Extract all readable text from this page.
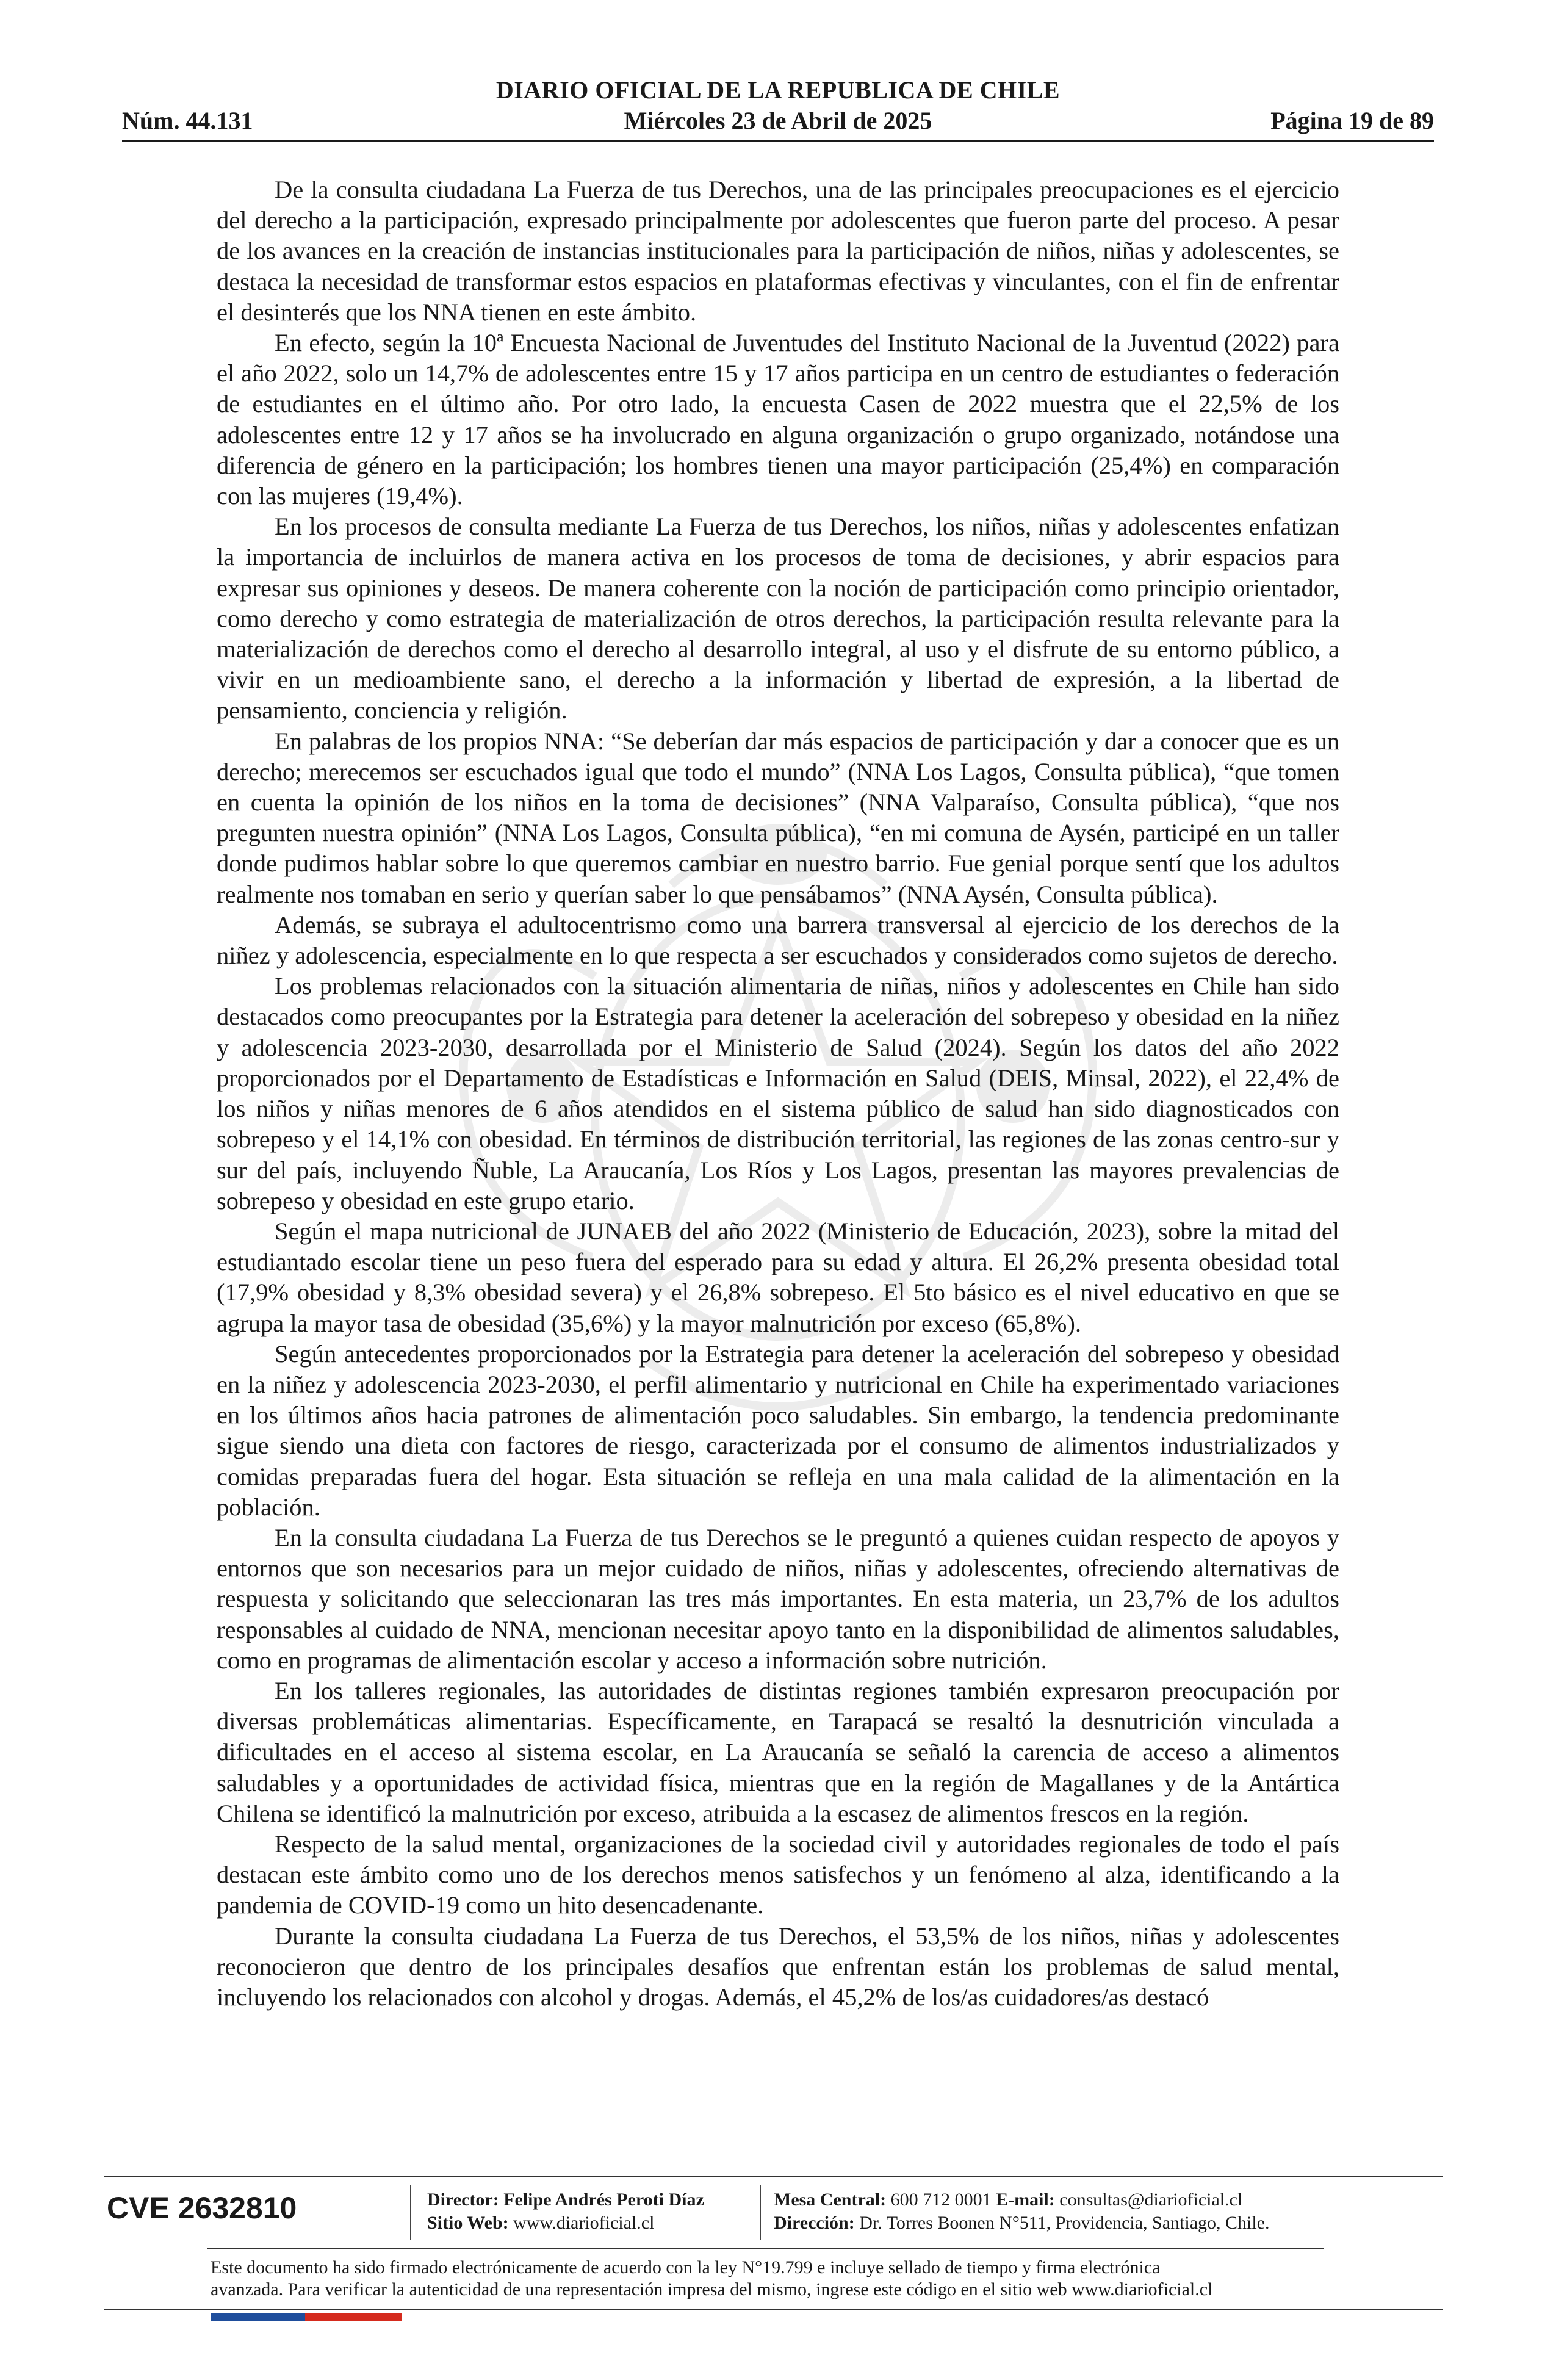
DIARIO OFICIAL DE LA REPUBLICA DE CHILE
Núm. 44.131	Miércoles 23 de Abril de 2025	Página 19 de 89

De la consulta ciudadana La Fuerza de tus Derechos, una de las principales preocupaciones es el ejercicio del derecho a la participación, expresado principalmente por adolescentes que fueron parte del proceso. A pesar de los avances en la creación de instancias institucionales para la participación de niños, niñas y adolescentes, se destaca la necesidad de transformar estos espacios en plataformas efectivas y vinculantes, con el fin de enfrentar el desinterés que los NNA tienen en este ámbito.

En efecto, según la 10ª Encuesta Nacional de Juventudes del Instituto Nacional de la Juventud (2022) para el año 2022, solo un 14,7% de adolescentes entre 15 y 17 años participa en un centro de estudiantes o federación de estudiantes en el último año. Por otro lado, la encuesta Casen de 2022 muestra que el 22,5% de los adolescentes entre 12 y 17 años se ha involucrado en alguna organización o grupo organizado, notándose una diferencia de género en la participación; los hombres tienen una mayor participación (25,4%) en comparación con las mujeres (19,4%).

En los procesos de consulta mediante La Fuerza de tus Derechos, los niños, niñas y adolescentes enfatizan la importancia de incluirlos de manera activa en los procesos de toma de decisiones, y abrir espacios para expresar sus opiniones y deseos. De manera coherente con la noción de participación como principio orientador, como derecho y como estrategia de materialización de otros derechos, la participación resulta relevante para la materialización de derechos como el derecho al desarrollo integral, al uso y el disfrute de su entorno público, a vivir en un medioambiente sano, el derecho a la información y libertad de expresión, a la libertad de pensamiento, conciencia y religión.

En palabras de los propios NNA: “Se deberían dar más espacios de participación y dar a conocer que es un derecho; merecemos ser escuchados igual que todo el mundo” (NNA Los Lagos, Consulta pública), “que tomen en cuenta la opinión de los niños en la toma de decisiones” (NNA Valparaíso, Consulta pública), “que nos pregunten nuestra opinión” (NNA Los Lagos, Consulta pública), “en mi comuna de Aysén, participé en un taller donde pudimos hablar sobre lo que queremos cambiar en nuestro barrio. Fue genial porque sentí que los adultos realmente nos tomaban en serio y querían saber lo que pensábamos” (NNA Aysén, Consulta pública).

Además, se subraya el adultocentrismo como una barrera transversal al ejercicio de los derechos de la niñez y adolescencia, especialmente en lo que respecta a ser escuchados y considerados como sujetos de derecho.

Los problemas relacionados con la situación alimentaria de niñas, niños y adolescentes en Chile han sido destacados como preocupantes por la Estrategia para detener la aceleración del sobrepeso y obesidad en la niñez y adolescencia 2023-2030, desarrollada por el Ministerio de Salud (2024). Según los datos del año 2022 proporcionados por el Departamento de Estadísticas e Información en Salud (DEIS, Minsal, 2022), el 22,4% de los niños y niñas menores de 6 años atendidos en el sistema público de salud han sido diagnosticados con sobrepeso y el 14,1% con obesidad. En términos de distribución territorial, las regiones de las zonas centro-sur y sur del país, incluyendo Ñuble, La Araucanía, Los Ríos y Los Lagos, presentan las mayores prevalencias de sobrepeso y obesidad en este grupo etario.

Según el mapa nutricional de JUNAEB del año 2022 (Ministerio de Educación, 2023), sobre la mitad del estudiantado escolar tiene un peso fuera del esperado para su edad y altura. El 26,2% presenta obesidad total (17,9% obesidad y 8,3% obesidad severa) y el 26,8% sobrepeso. El 5to básico es el nivel educativo en que se agrupa la mayor tasa de obesidad (35,6%) y la mayor malnutrición por exceso (65,8%).

Según antecedentes proporcionados por la Estrategia para detener la aceleración del sobrepeso y obesidad en la niñez y adolescencia 2023-2030, el perfil alimentario y nutricional en Chile ha experimentado variaciones en los últimos años hacia patrones de alimentación poco saludables. Sin embargo, la tendencia predominante sigue siendo una dieta con factores de riesgo, caracterizada por el consumo de alimentos industrializados y comidas preparadas fuera del hogar. Esta situación se refleja en una mala calidad de la alimentación en la población.

En la consulta ciudadana La Fuerza de tus Derechos se le preguntó a quienes cuidan respecto de apoyos y entornos que son necesarios para un mejor cuidado de niños, niñas y adolescentes, ofreciendo alternativas de respuesta y solicitando que seleccionaran las tres más importantes. En esta materia, un 23,7% de los adultos responsables al cuidado de NNA, mencionan necesitar apoyo tanto en la disponibilidad de alimentos saludables, como en programas de alimentación escolar y acceso a información sobre nutrición.

En los talleres regionales, las autoridades de distintas regiones también expresaron preocupación por diversas problemáticas alimentarias. Específicamente, en Tarapacá se resaltó la desnutrición vinculada a dificultades en el acceso al sistema escolar, en La Araucanía se señaló la carencia de acceso a alimentos saludables y a oportunidades de actividad física, mientras que en la región de Magallanes y de la Antártica Chilena se identificó la malnutrición por exceso, atribuida a la escasez de alimentos frescos en la región.

Respecto de la salud mental, organizaciones de la sociedad civil y autoridades regionales de todo el país destacan este ámbito como uno de los derechos menos satisfechos y un fenómeno al alza, identificando a la pandemia de COVID-19 como un hito desencadenante.

Durante la consulta ciudadana La Fuerza de tus Derechos, el 53,5% de los niños, niñas y adolescentes reconocieron que dentro de los principales desafíos que enfrentan están los problemas de salud mental, incluyendo los relacionados con alcohol y drogas. Además, el 45,2% de los/as cuidadores/as destacó

CVE 2632810	Director: Felipe Andrés Peroti Díaz
Sitio Web: www.diarioficial.cl
Mesa Central: 600 712 0001 E-mail: consultas@diarioficial.cl
Dirección: Dr. Torres Boonen N°511, Providencia, Santiago, Chile.
Este documento ha sido firmado electrónicamente de acuerdo con la ley N°19.799 e incluye sellado de tiempo y firma electrónica
avanzada. Para verificar la autenticidad de una representación impresa del mismo, ingrese este código en el sitio web www.diarioficial.cl
